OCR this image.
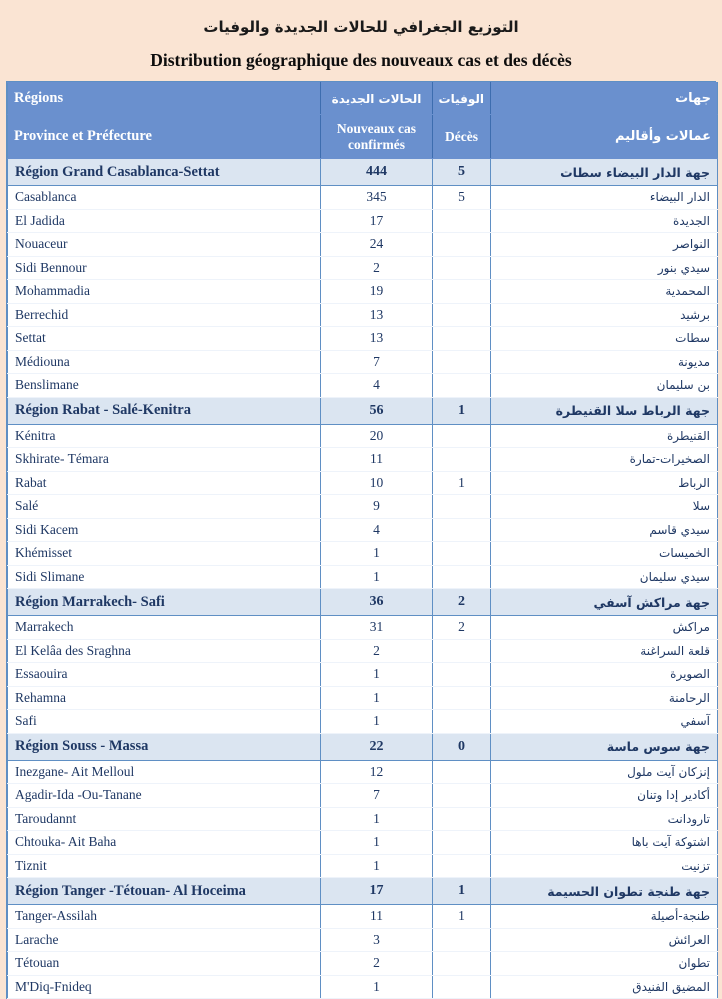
التوزيع الجغرافي للحالات الجديدة والوفيات
Distribution géographique des nouveaux cas et des décès
Régions	الحالات الجديدة	الوفيات	جهات
Province et Préfecture	Nouveaux cas confirmés	Décès	عمالات وأقاليم
Région Grand Casablanca-Settat	444	5	جهة الدار البيضاء سطات
Casablanca	345	5	الدار البيضاء
El Jadida	17		الجديدة
Nouaceur	24		النواصر
Sidi Bennour	2		سيدي بنور
Mohammadia	19		المحمدية
Berrechid	13		برشيد
Settat	13		سطات
Médiouna	7		مديونة
Benslimane	4		بن سليمان
Région Rabat - Salé-Kenitra	56	1	جهة الرباط سلا القنيطرة
Kénitra	20		القنيطرة
Skhirate- Témara	11		الصخيرات-تمارة
Rabat	10	1	الرباط
Salé	9		سلا
Sidi Kacem	4		سيدي قاسم
Khémisset	1		الخميسات
Sidi Slimane	1		سيدي سليمان
Région Marrakech- Safi	36	2	جهة مراكش آسفي
Marrakech	31	2	مراكش
El Kelâa des Sraghna	2		قلعة السراغنة
Essaouira	1		الصويرة
Rehamna	1		الرحامنة
Safi	1		آسفي
Région Souss - Massa	22	0	جهة سوس ماسة
Inezgane- Ait Melloul	12		إنزكان آيت ملول
Agadir-Ida -Ou-Tanane	7		أكادير إدا وتنان
Taroudannt	1		تارودانت
Chtouka- Ait Baha	1		اشتوكة آيت باها
Tiznit	1		تزنيت
Région Tanger -Tétouan- Al Hoceima	17	1	جهة طنجة تطوان الحسيمة
Tanger-Assilah	11	1	طنجة-أصيلة
Larache	3		العرائش
Tétouan	2		تطوان
M'Diq-Fnideq	1		المضيق الفنيدق
